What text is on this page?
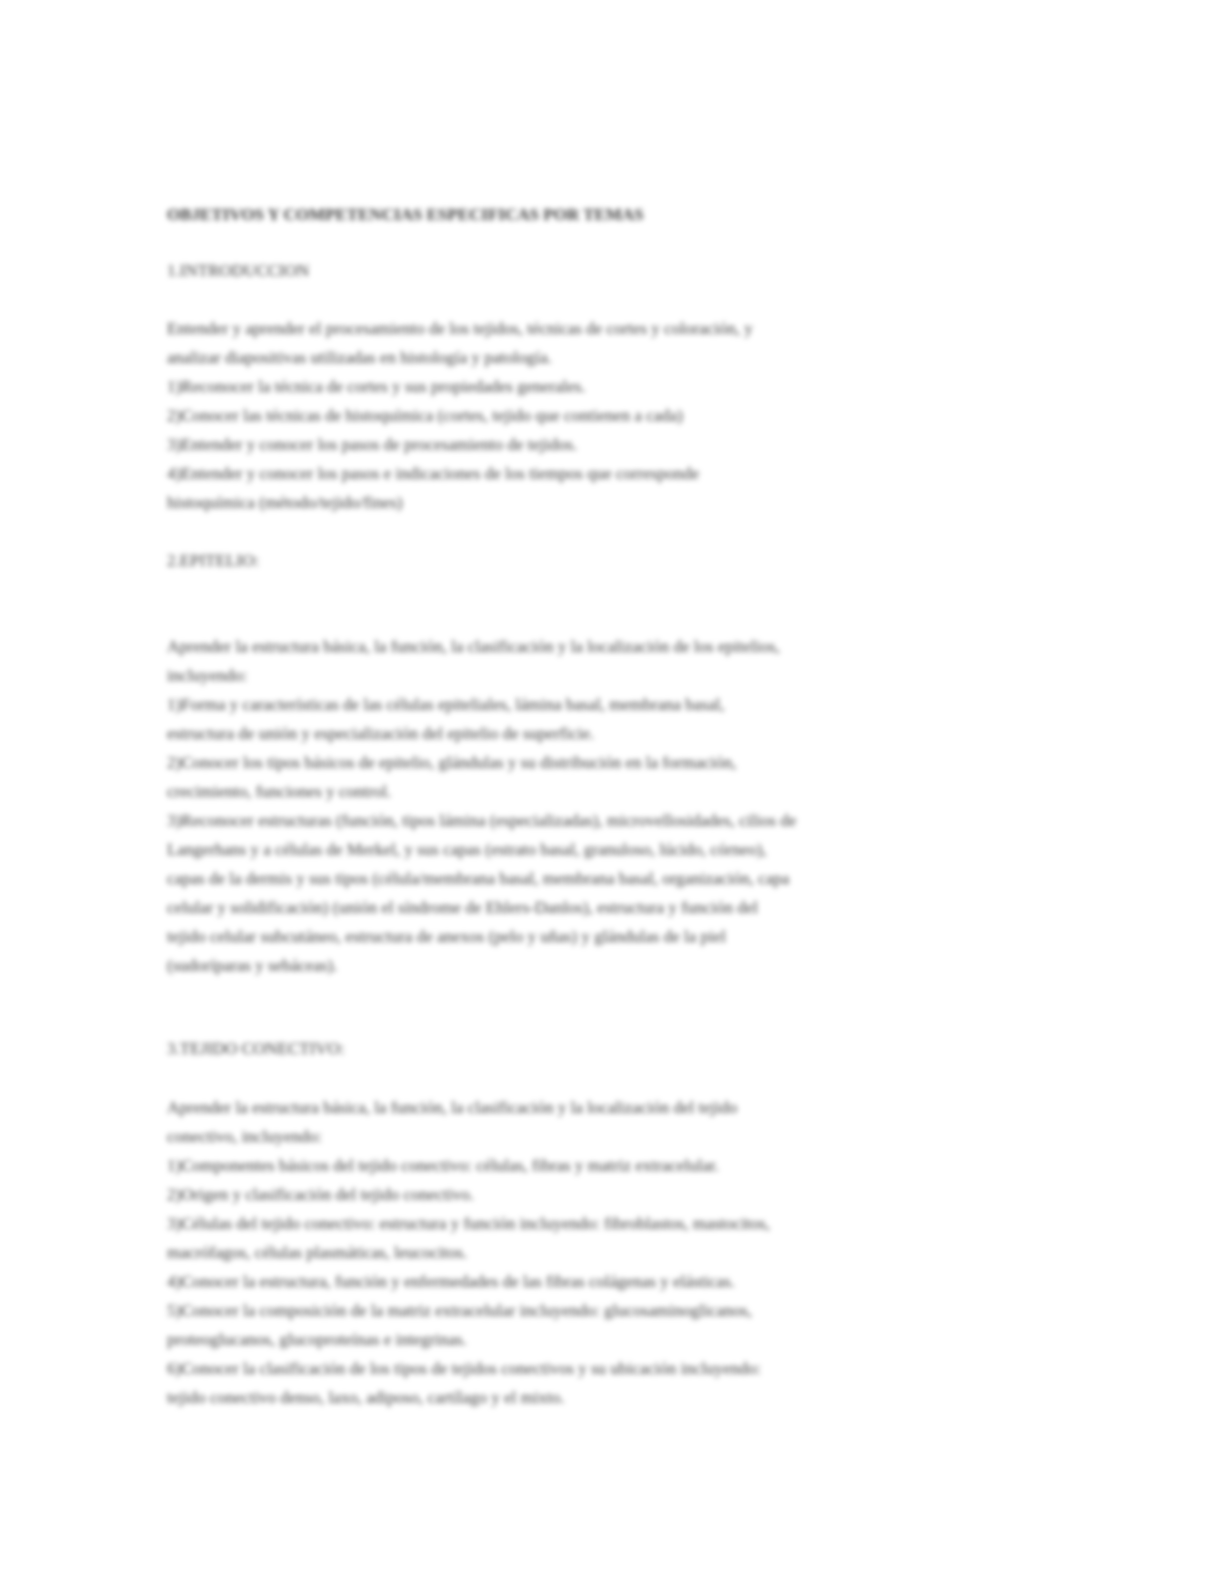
OBJETIVOS Y COMPETENCIAS ESPECIFICAS POR TEMAS
1.INTRODUCCION
Entender y aprender el procesamiento de los tejidos, técnicas de cortes y coloración, y
analizar diapositivas utilizadas en histología y patología.
1)Reconocer la técnica de cortes y sus propiedades generales.
2)Conocer las técnicas de histoquímica (cortes, tejido que contienen a cada)
3)Entender y conocer los pasos de procesamiento de tejidos.
4)Entender y conocer los pasos e indicaciones de los tiempos que corresponde
histoquímica (método/tejido/fines)
2.EPITELIO:
Aprender la estructura básica, la función, la clasificación y la localización de los epitelios,
incluyendo:
1)Forma y características de las células epiteliales, lámina basal, membrana basal,
estructura de unión y especialización del epitelio de superficie.
2)Conocer los tipos básicos de epitelio, glándulas y su distribución en la formación,
crecimiento, funciones y control.
3)Reconocer estructuras (función, tipos lámina (especializadas), microvellosidades, cilios de
Langerhans y a células de Merkel, y sus capas (estrato basal, granuloso, lúcido, córneo),
capas de la dermis y sus tipos (célula/membrana basal, membrana basal, organización, capa
celular y solidificación) (unión el síndrome de Ehlers-Danlos), estructura y función del
tejido celular subcutáneo, estructura de anexos (pelo y uñas) y glándulas de la piel
(sudoríparas y sebáceas).
3.TEJIDO CONECTIVO:
Aprender la estructura básica, la función, la clasificación y la localización del tejido
conectivo, incluyendo:
1)Componentes básicos del tejido conectivo: células, fibras y matriz extracelular.
2)Origen y clasificación del tejido conectivo.
3)Células del tejido conectivo: estructura y función incluyendo: fibroblastos, mastocitos,
macrófagos, células plasmáticas, leucocitos.
4)Conocer la estructura, función y enfermedades de las fibras colágenas y elásticas.
5)Conocer la composición de la matriz extracelular incluyendo: glucosaminoglicanos,
proteoglucanos, glucoproteínas e integrinas.
6)Conocer la clasificación de los tipos de tejidos conectivos y su ubicación incluyendo:
tejido conectivo denso, laxo, adiposo, cartílago y el mixto.
